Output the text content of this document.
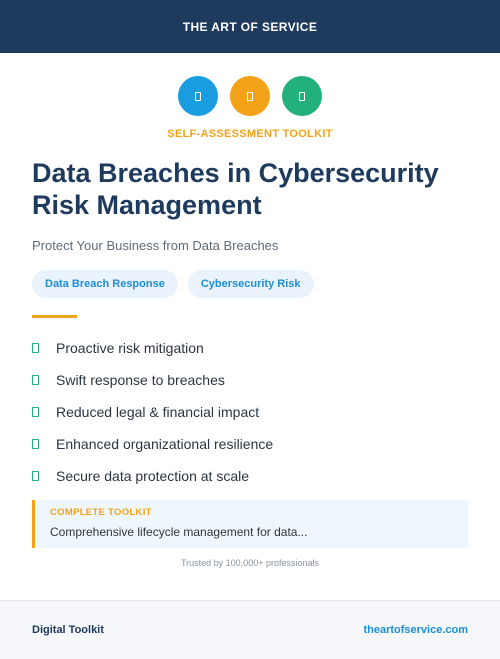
THE ART OF SERVICE
SELF-ASSESSMENT TOOLKIT
Data Breaches in Cybersecurity Risk Management

Protect Your Business from Data Breaches

Data Breach Response	Cybersecurity Risk
Proactive risk mitigation
Swift response to breaches
Reduced legal & financial impact
Enhanced organizational resilience
Secure data protection at scale
COMPLETE TOOLKIT
Comprehensive lifecycle management for data...
Trusted by 100,000+ professionals
Digital Toolkit	theartofservice.com
